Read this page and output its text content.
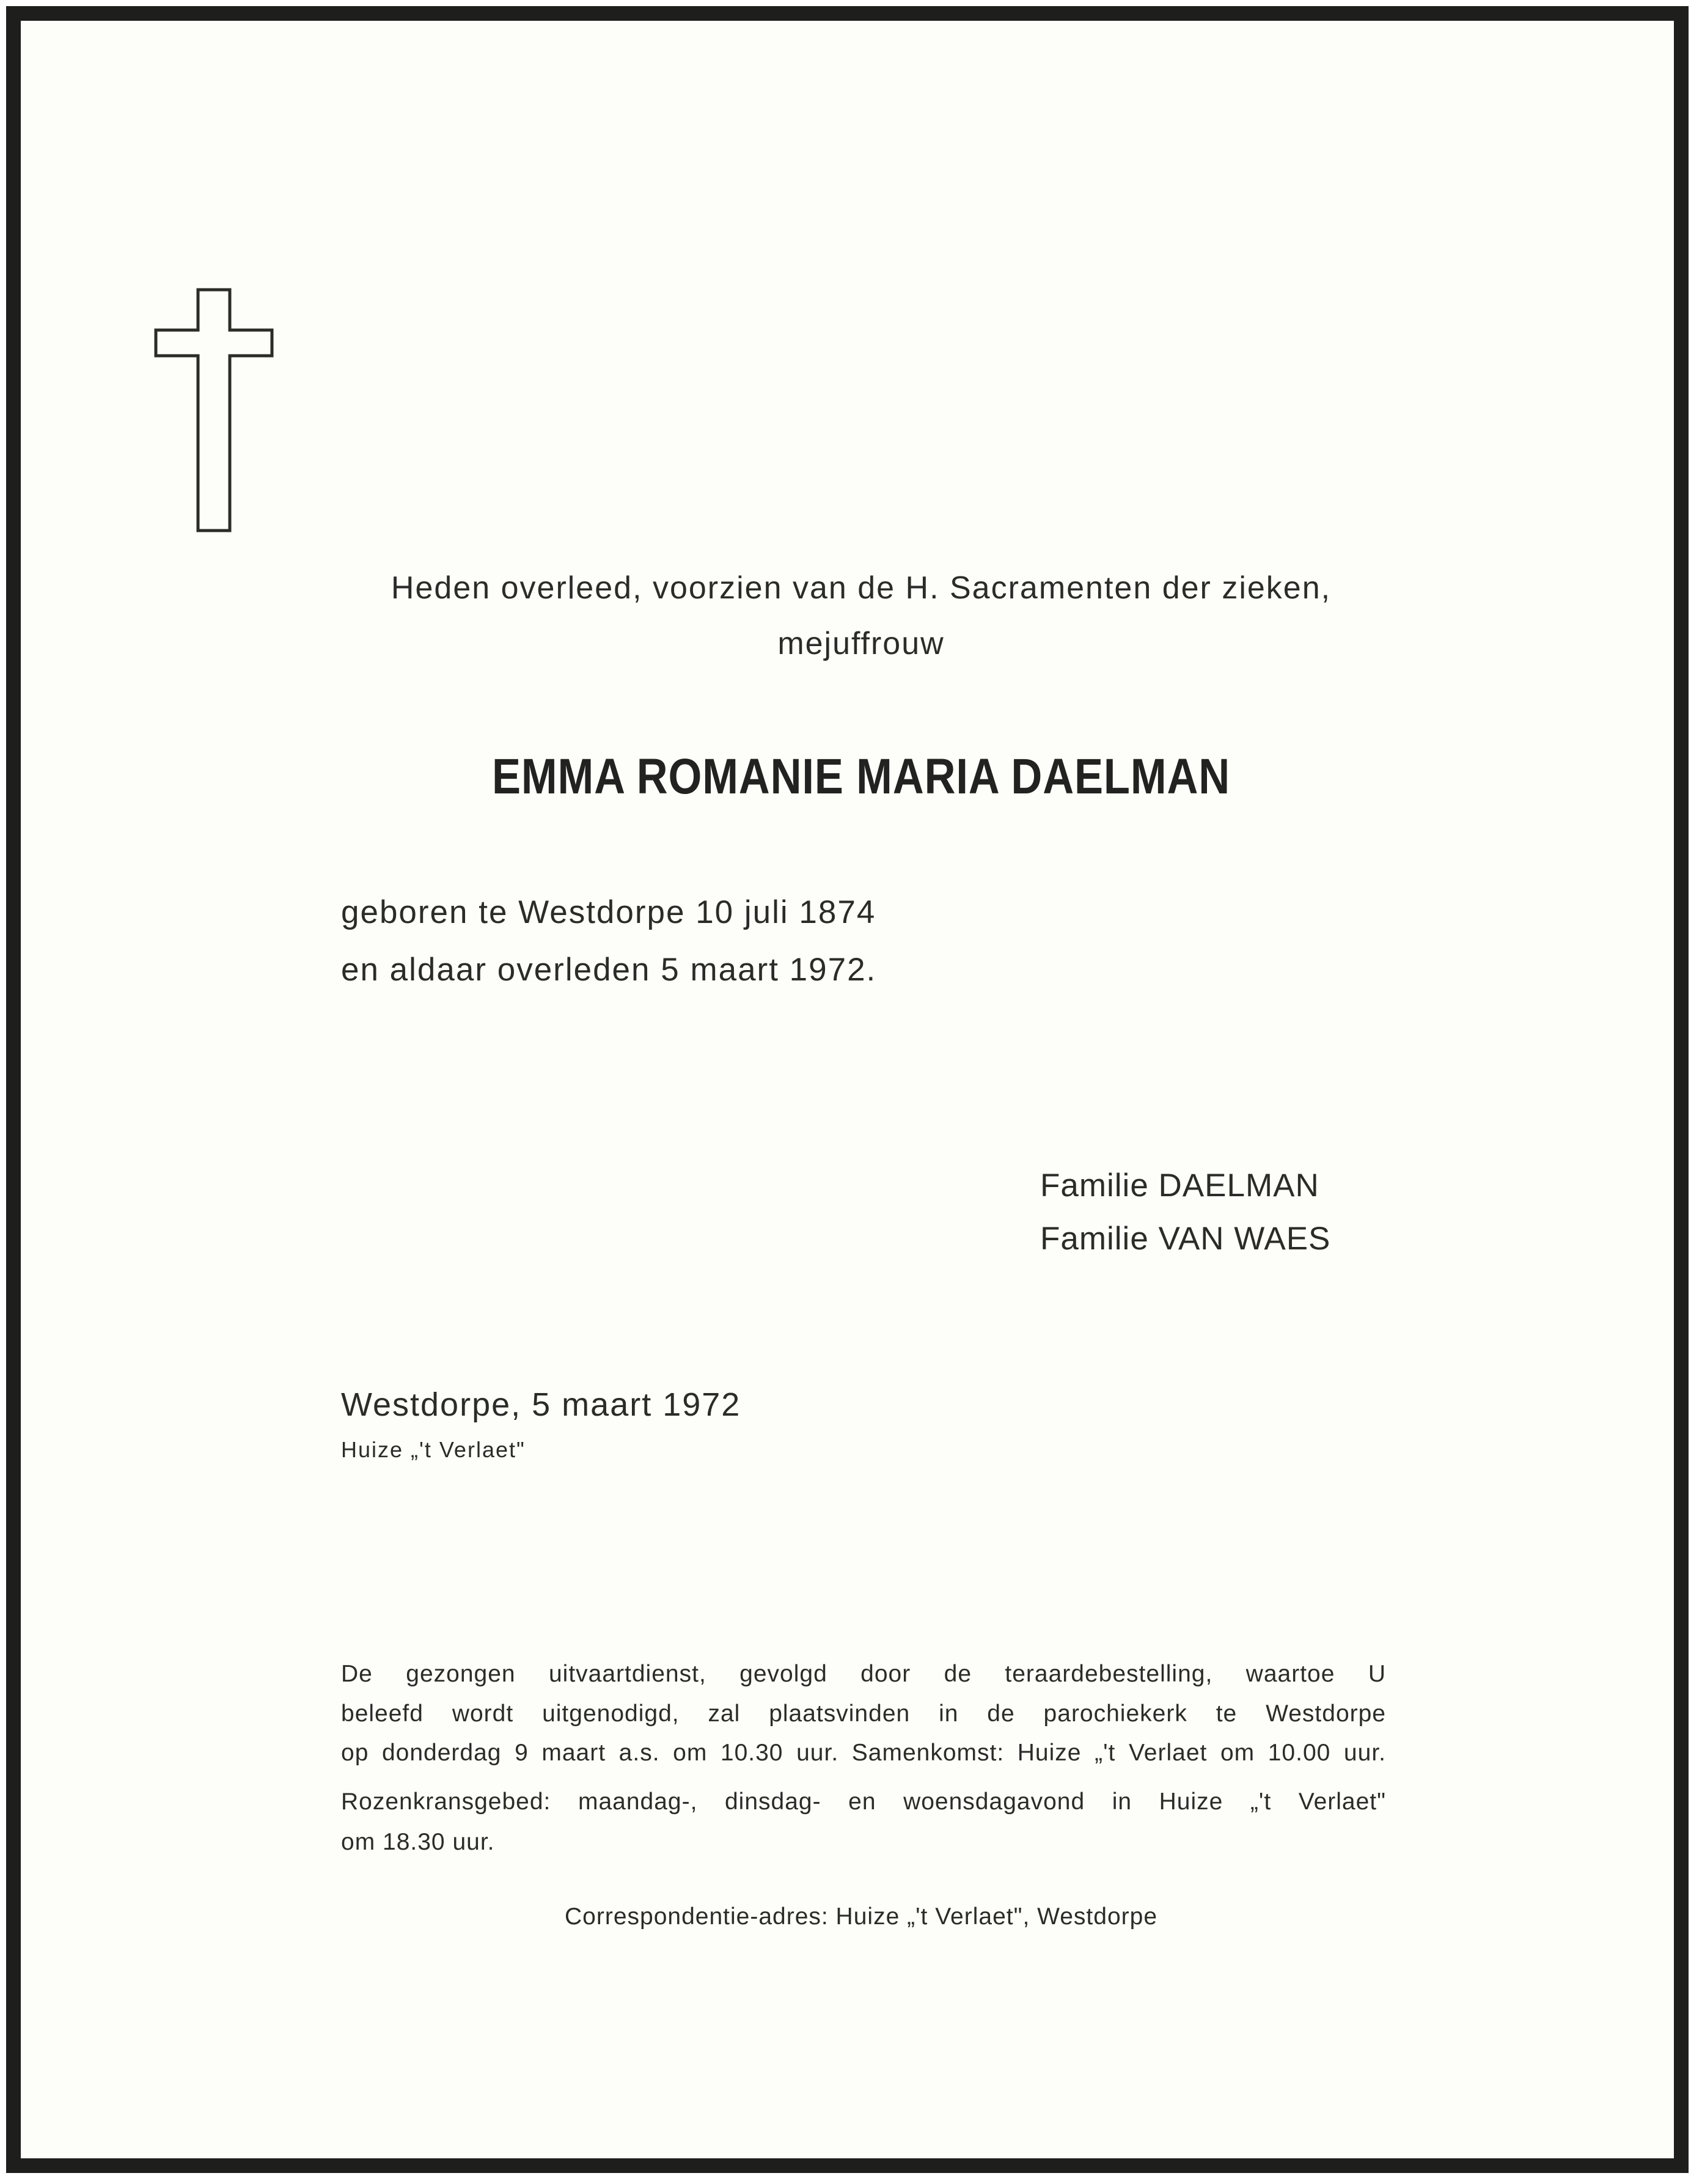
Heden overleed, voorzien van de H. Sacramenten der zieken,
mejuffrouw
EMMA ROMANIE MARIA DAELMAN
geboren te Westdorpe 10 juli 1874
en aldaar overleden 5 maart 1972.
Familie DAELMAN
Familie VAN WAES
Westdorpe, 5 maart 1972
Huize „'t Verlaet"
De gezongen uitvaartdienst, gevolgd door de teraardebestelling, waartoe U
beleefd wordt uitgenodigd, zal plaatsvinden in de parochiekerk te Westdorpe
op donderdag 9 maart a.s. om 10.30 uur. Samenkomst: Huize „'t Verlaet om 10.00 uur.
Rozenkransgebed: maandag-, dinsdag- en woensdagavond in Huize „'t Verlaet"
om 18.30 uur.
Correspondentie-adres: Huize „'t Verlaet", Westdorpe
